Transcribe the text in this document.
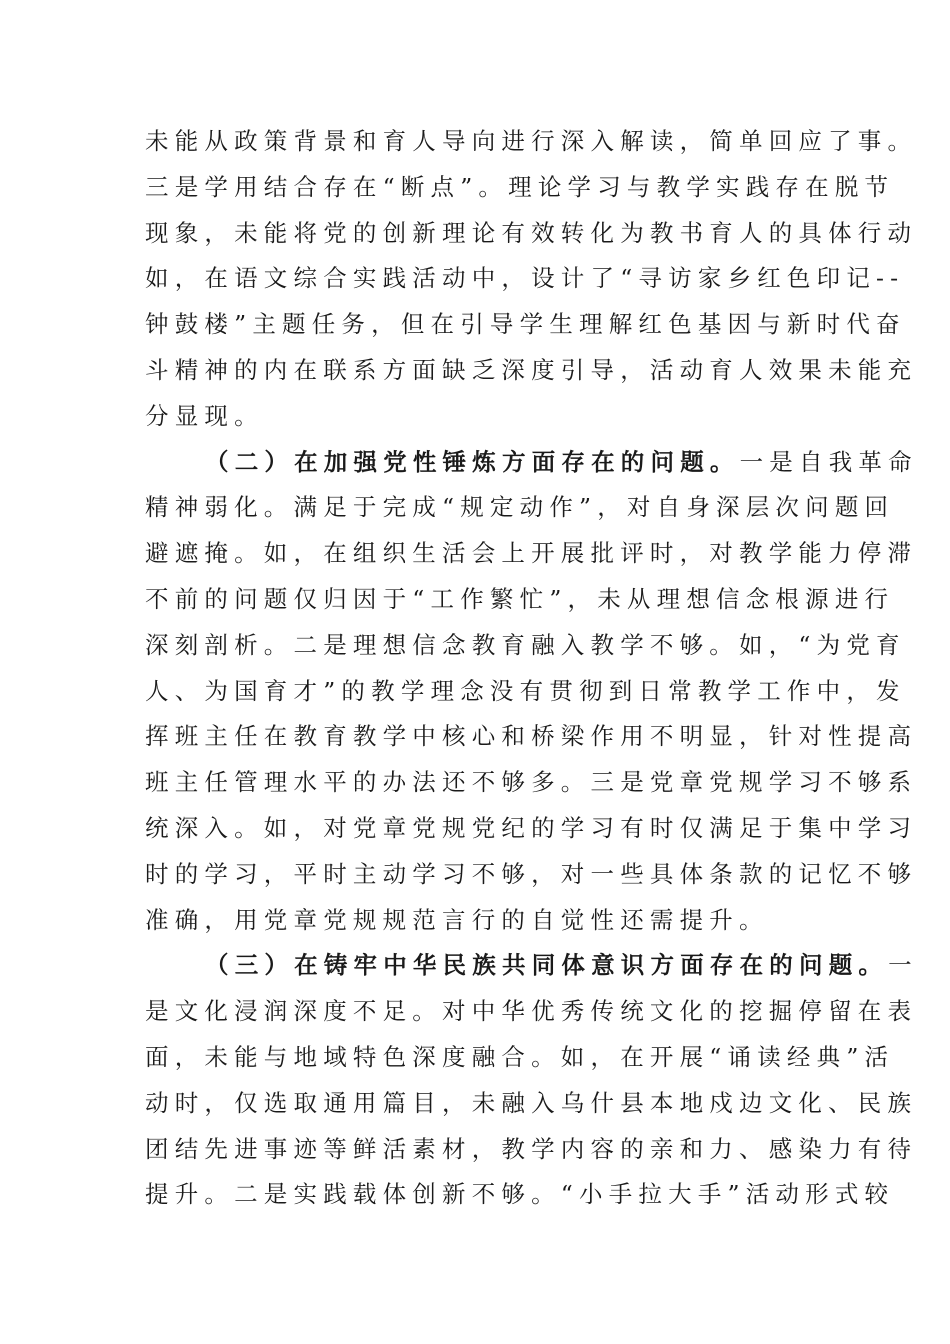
未能从政策背景和育人导向进行深入解读，简单回应了事。
三是学用结合存在“断点”。理论学习与教学实践存在脱节
现象，未能将党的创新理论有效转化为教书育人的具体行动
如，在语文综合实践活动中，设计了“寻访家乡红色印记--
钟鼓楼”主题任务，但在引导学生理解红色基因与新时代奋
斗精神的内在联系方面缺乏深度引导，活动育人效果未能充
分显现。
（二）在加强党性锤炼方面存在的问题。一是自我革命
精神弱化。满足于完成“规定动作”，对自身深层次问题回
避遮掩。如，在组织生活会上开展批评时，对教学能力停滞
不前的问题仅归因于“工作繁忙”，未从理想信念根源进行
深刻剖析。二是理想信念教育融入教学不够。如，“为党育
人、为国育才”的教学理念没有贯彻到日常教学工作中，发
挥班主任在教育教学中核心和桥梁作用不明显，针对性提高
班主任管理水平的办法还不够多。三是党章党规学习不够系
统深入。如，对党章党规党纪的学习有时仅满足于集中学习
时的学习，平时主动学习不够，对一些具体条款的记忆不够
准确，用党章党规规范言行的自觉性还需提升。
（三）在铸牢中华民族共同体意识方面存在的问题。一
是文化浸润深度不足。对中华优秀传统文化的挖掘停留在表
面，未能与地域特色深度融合。如，在开展“诵读经典”活
动时，仅选取通用篇目，未融入乌什县本地戍边文化、民族
团结先进事迹等鲜活素材，教学内容的亲和力、感染力有待
提升。二是实践载体创新不够。“小手拉大手”活动形式较
